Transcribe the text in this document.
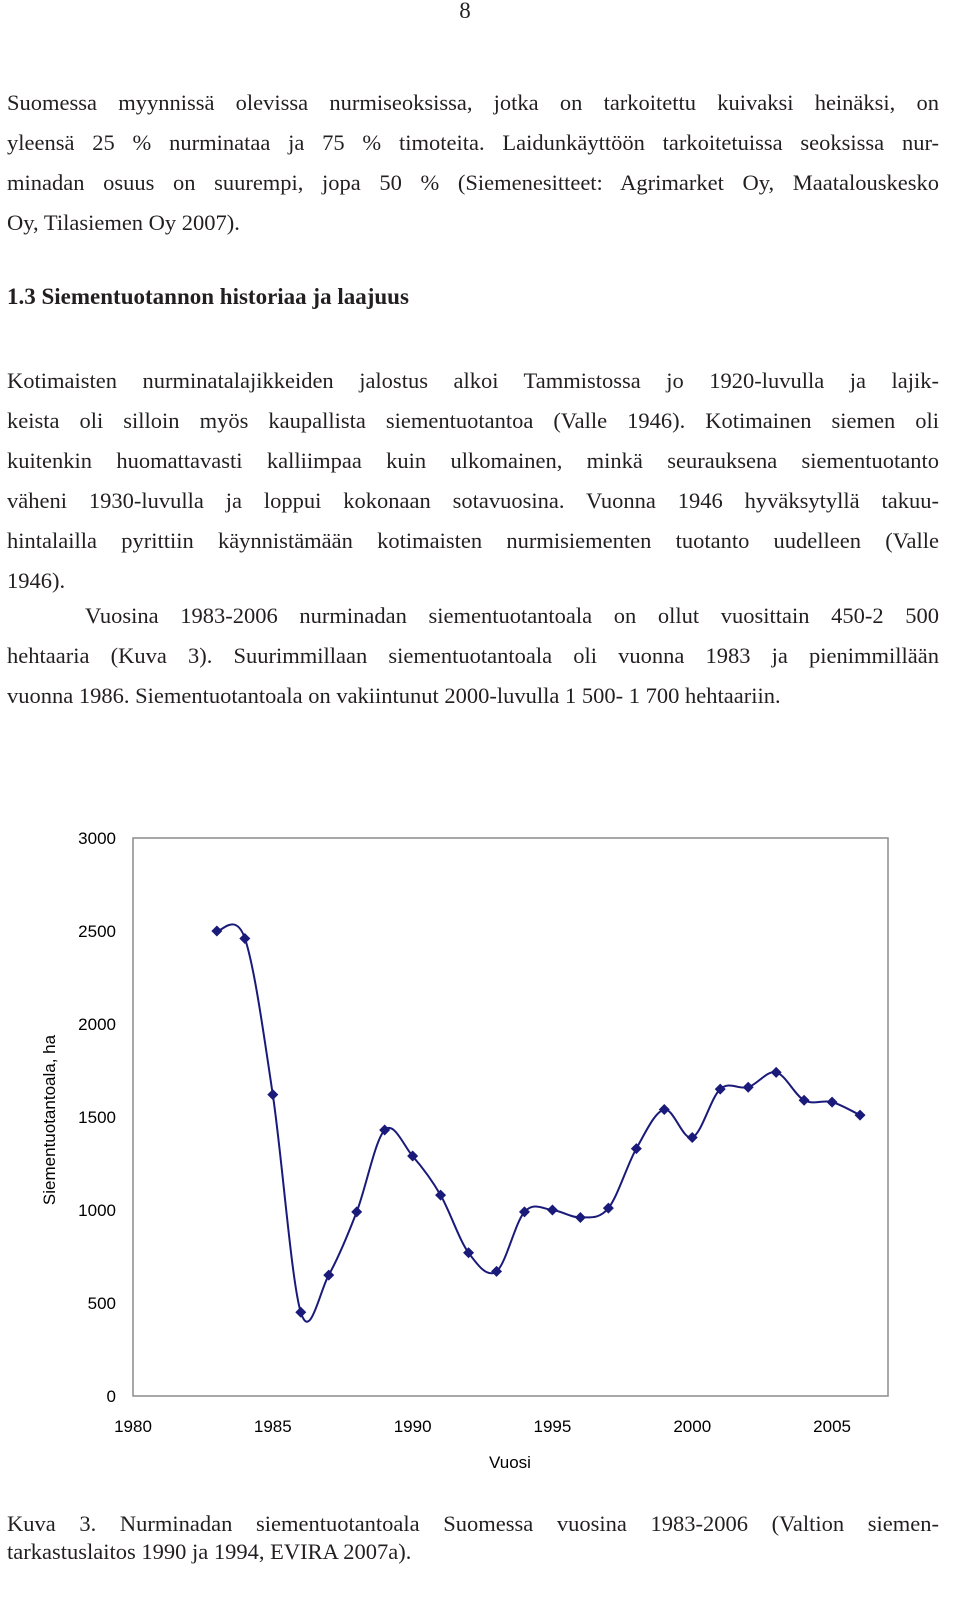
8
Suomessa myynnissä olevissa nurmiseoksissa, jotka on tarkoitettu kuivaksi heinäksi, on
yleensä 25 % nurminataa ja 75 % timoteita. Laidunkäyttöön tarkoitetuissa seoksissa nur-
minadan osuus on suurempi, jopa 50 % (Siemenesitteet: Agrimarket Oy, Maatalouskesko
Oy, Tilasiemen Oy 2007).
1.3 Siementuotannon historiaa ja laajuus
Kotimaisten nurminatalajikkeiden jalostus alkoi Tammistossa jo 1920-luvulla ja lajik-
keista oli silloin myös kaupallista siementuotantoa (Valle 1946). Kotimainen siemen oli
kuitenkin huomattavasti kalliimpaa kuin ulkomainen, minkä seurauksena siementuotanto
väheni 1930-luvulla ja loppui kokonaan sotavuosina. Vuonna 1946 hyväksytyllä takuu-
hintalailla pyrittiin käynnistämään kotimaisten nurmisiementen tuotanto uudelleen (Valle
1946).
Vuosina 1983-2006 nurminadan siementuotantoala on ollut vuosittain 450-2 500
hehtaaria (Kuva 3). Suurimmillaan siementuotantoala oli vuonna 1983 ja pienimmillään
vuonna 1986. Siementuotantoala on vakiintunut 2000-luvulla 1 500- 1 700 hehtaariin.
0
500
1000
1500
2000
2500
3000
1980	1985	1990	1995	2000	2005
Siementuotantoala, ha
Vuosi
Kuva 3. Nurminadan siementuotantoala Suomessa vuosina 1983-2006 (Valtion siemen-
tarkastuslaitos 1990 ja 1994, EVIRA 2007a).
